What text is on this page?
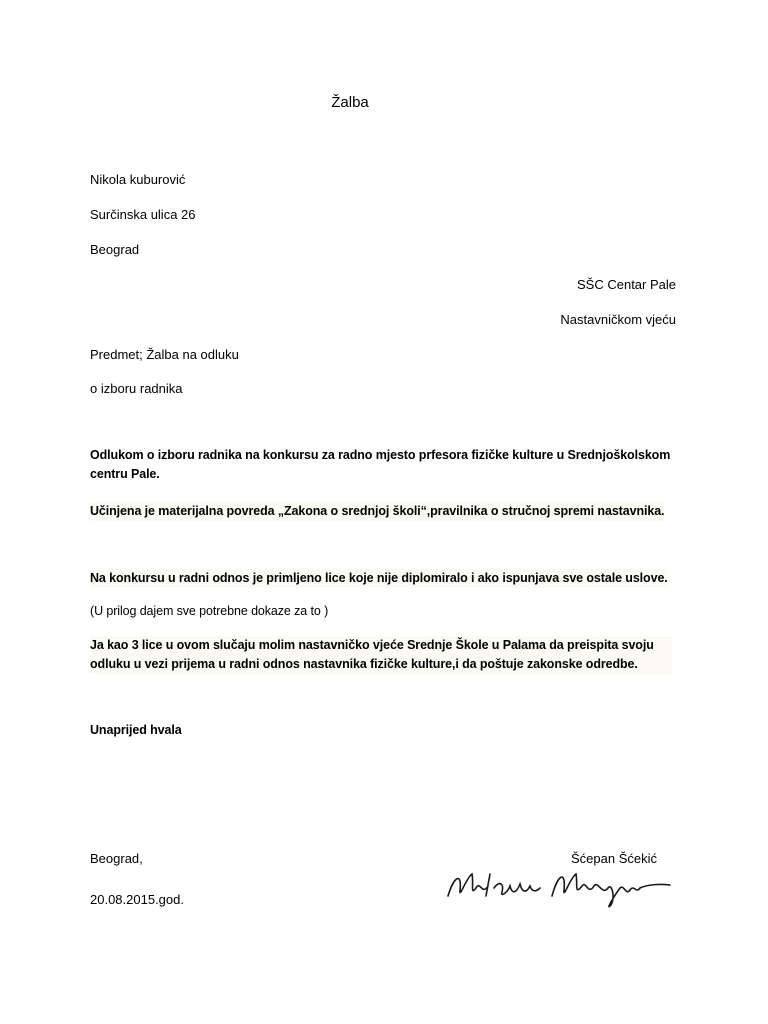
Žalba
Nikola kuburović
Surčinska ulica 26
Beograd
SŠC Centar Pale
Nastavničkom vjeću
Predmet; Žalba na odluku
o izboru radnika
Odlukom o izboru radnika na konkursu za radno mjesto prfesora fizičke kulture u Srednjoškolskom centru Pale.
Učinjena je materijalna povreda „Zakona o srednjoj školi“,pravilnika o stručnoj spremi nastavnika.
Na konkursu u radni odnos je primljeno lice koje nije diplomiralo i ako ispunjava sve ostale uslove.
(U prilog dajem sve potrebne dokaze za to )
Ja kao 3 lice u ovom slučaju molim nastavničko vjeće Srednje Škole u Palama da preispita svoju odluku u vezi prijema u radni odnos nastavnika fizičke kulture,i da poštuje zakonske odredbe.
Unaprijed hvala
Beograd,
20.08.2015.god.
Šćepan Šćekić
